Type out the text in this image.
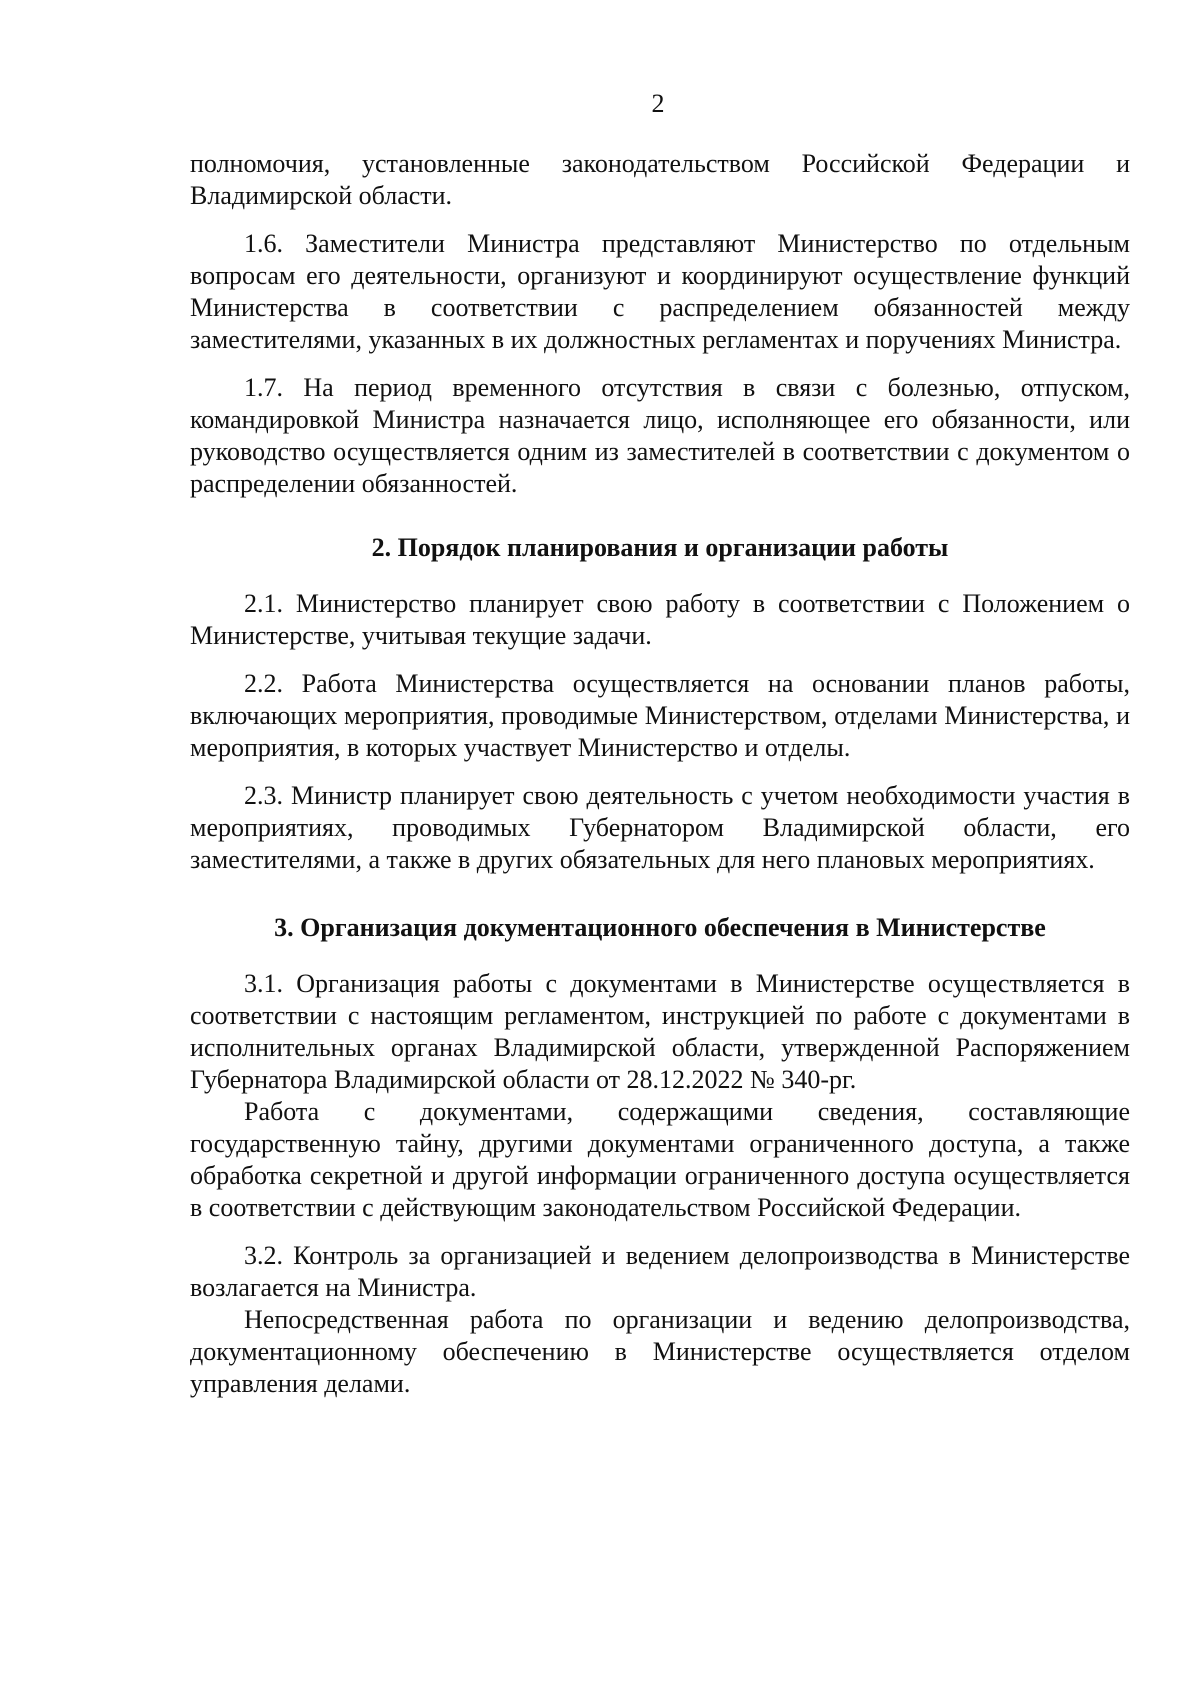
2

полномочия, установленные законодательством Российской Федерации и Владимирской области.

1.6. Заместители Министра представляют Министерство по отдельным вопросам его деятельности, организуют и координируют осуществление функций Министерства в соответствии с распределением обязанностей между заместителями, указанных в их должностных регламентах и поручениях Министра.

1.7. На период временного отсутствия в связи с болезнью, отпуском, командировкой Министра назначается лицо, исполняющее его обязанности, или руководство осуществляется одним из заместителей в соответствии с документом о распределении обязанностей.

2. Порядок планирования и организации работы

2.1. Министерство планирует свою работу в соответствии с Положением о Министерстве, учитывая текущие задачи.

2.2. Работа Министерства осуществляется на основании планов работы, включающих мероприятия, проводимые Министерством, отделами Министерства, и мероприятия, в которых участвует Министерство и отделы.

2.3. Министр планирует свою деятельность с учетом необходимости участия в мероприятиях, проводимых Губернатором Владимирской области, его заместителями, а также в других обязательных для него плановых мероприятиях.

3. Организация документационного обеспечения в Министерстве

3.1. Организация работы с документами в Министерстве осуществляется в соответствии с настоящим регламентом, инструкцией по работе с документами в исполнительных органах Владимирской области, утвержденной Распоряжением Губернатора Владимирской области от 28.12.2022 № 340-рг.

Работа с документами, содержащими сведения, составляющие государственную тайну, другими документами ограниченного доступа, а также обработка секретной и другой информации ограниченного доступа осуществляется в соответствии с действующим законодательством Российской Федерации.

3.2. Контроль за организацией и ведением делопроизводства в Министерстве возлагается на Министра.

Непосредственная работа по организации и ведению делопроизводства, документационному обеспечению в Министерстве осуществляется отделом управления делами.
